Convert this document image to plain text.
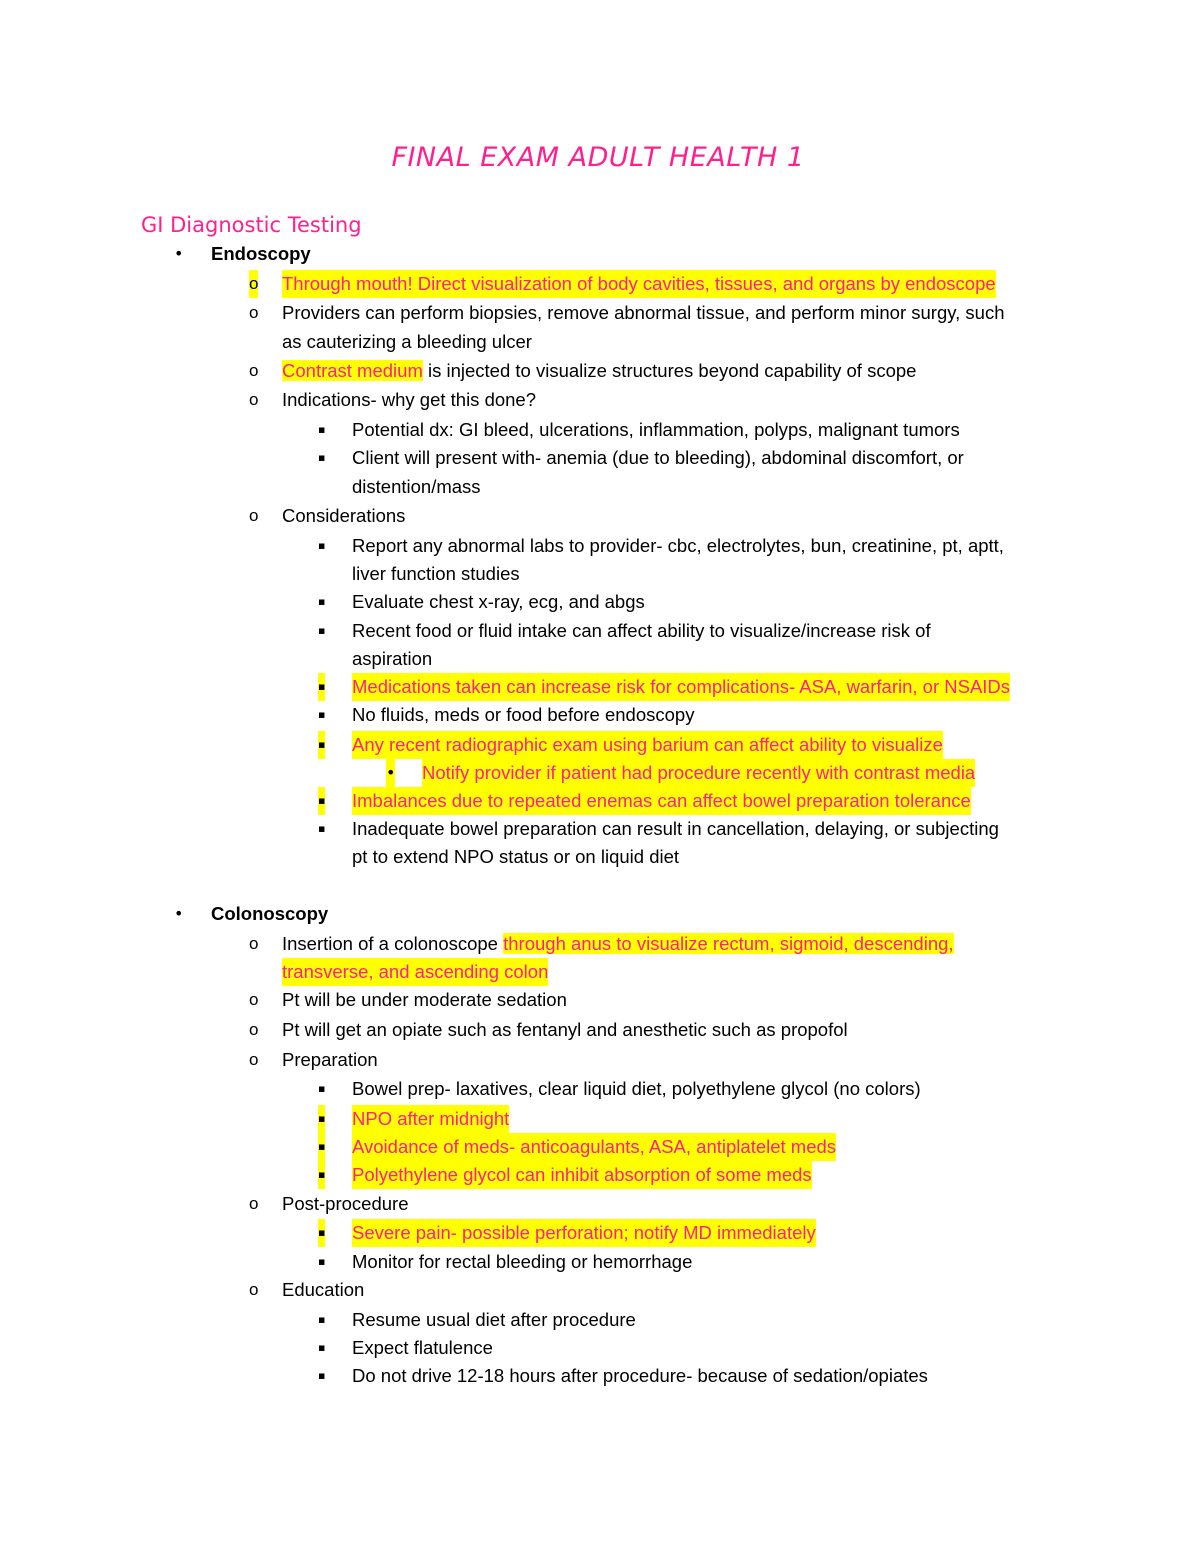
FINAL EXAM ADULT HEALTH 1
GI Diagnostic Testing
• Endoscopy
o Through mouth! Direct visualization of body cavities, tissues, and organs by endoscope
o Providers can perform biopsies, remove abnormal tissue, and perform minor surgy, such
as cauterizing a bleeding ulcer
o Contrast medium is injected to visualize structures beyond capability of scope
o Indications- why get this done?
▪ Potential dx: GI bleed, ulcerations, inflammation, polyps, malignant tumors
▪ Client will present with- anemia (due to bleeding), abdominal discomfort, or
distention/mass
o Considerations
▪ Report any abnormal labs to provider- cbc, electrolytes, bun, creatinine, pt, aptt,
liver function studies
▪ Evaluate chest x-ray, ecg, and abgs
▪ Recent food or fluid intake can affect ability to visualize/increase risk of
aspiration
▪ Medications taken can increase risk for complications- ASA, warfarin, or NSAIDs
▪ No fluids, meds or food before endoscopy
▪ Any recent radiographic exam using barium can affect ability to visualize
• Notify provider if patient had procedure recently with contrast media
▪ Imbalances due to repeated enemas can affect bowel preparation tolerance
▪ Inadequate bowel preparation can result in cancellation, delaying, or subjecting
pt to extend NPO status or on liquid diet
• Colonoscopy
o Insertion of a colonoscope through anus to visualize rectum, sigmoid, descending,
transverse, and ascending colon
o Pt will be under moderate sedation
o Pt will get an opiate such as fentanyl and anesthetic such as propofol
o Preparation
▪ Bowel prep- laxatives, clear liquid diet, polyethylene glycol (no colors)
▪ NPO after midnight
▪ Avoidance of meds- anticoagulants, ASA, antiplatelet meds
▪ Polyethylene glycol can inhibit absorption of some meds
o Post-procedure
▪ Severe pain- possible perforation; notify MD immediately
▪ Monitor for rectal bleeding or hemorrhage
o Education
▪ Resume usual diet after procedure
▪ Expect flatulence
▪ Do not drive 12-18 hours after procedure- because of sedation/opiates
